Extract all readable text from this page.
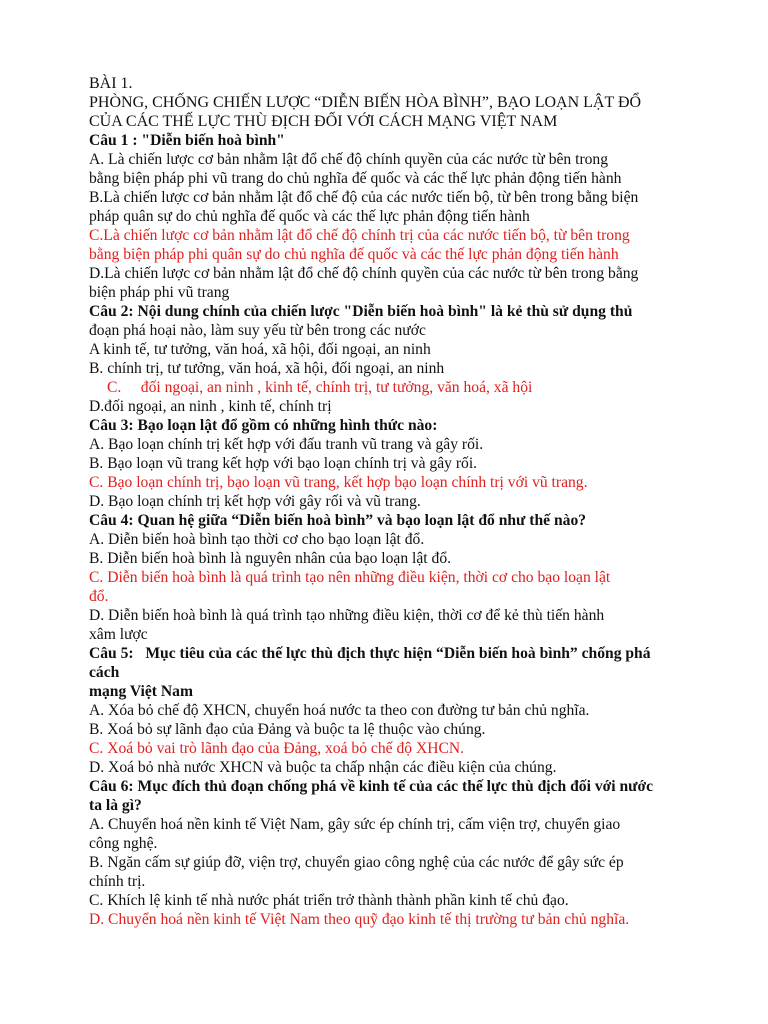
BÀI 1.

PHÒNG, CHỐNG CHIẾN LƯỢC “DIỄN BIẾN HÒA BÌNH”, BẠO LOẠN LẬT ĐỔ

CỦA CÁC THẾ LỰC THÙ ĐỊCH ĐỐI VỚI CÁCH MẠNG VIỆT NAM

Câu 1 : "Diễn biến hoà bình"

A. Là chiến lược cơ bản nhằm lật đổ chế độ chính quyền của các nước từ bên trong

bằng biện pháp phi vũ trang do chủ nghĩa đế quốc và các thế lực phản động tiến hành

B.Là chiến lược cơ bản nhằm lật đổ chế độ của các nước tiến bộ, từ bên trong bằng biện

pháp quân sự do chủ nghĩa đế quốc và các thế lực phản động tiến hành

C.Là chiến lược cơ bản nhằm lật đổ chế độ chính trị của các nước tiến bộ, từ bên trong

bằng biện pháp phi quân sự do chủ nghĩa đế quốc và các thế lực phản động tiến hành

D.Là chiến lược cơ bản nhằm lật đổ chế độ chính quyền của các nước từ bên trong bằng

biện pháp phi vũ trang

Câu 2: Nội dung chính của chiến lược "Diễn biến hoà bình" là kẻ thù sử dụng thủ

đoạn phá hoại nào, làm suy yếu từ bên trong các nước

A kinh tế, tư tưởng, văn hoá, xã hội, đối ngoại, an ninh

B. chính trị, tư tưởng, văn hoá, xã hội, đối ngoại, an ninh

C.     đối ngoại, an ninh , kinh tế, chính trị, tư tưởng, văn hoá, xã hội

D.đối ngoại, an ninh , kinh tế, chính trị

Câu 3: Bạo loạn lật đổ gồm có những hình thức nào:

A. Bạo loạn chính trị kết hợp với đấu tranh vũ trang và gây rối.

B. Bạo loạn vũ trang kết hợp với bạo loạn chính trị và gây rối.

C. Bạo loạn chính trị, bạo loạn vũ trang, kết hợp bạo loạn chính trị với vũ trang.

D. Bạo loạn chính trị kết hợp với gây rối và vũ trang.

Câu 4: Quan hệ giữa “Diễn biến hoà bình” và bạo loạn lật đổ như thế nào?

A. Diễn biến hoà bình tạo thời cơ cho bạo loạn lật đổ.

B. Diễn biến hoà bình là nguyên nhân của bạo loạn lật đổ.

C. Diễn biến hoà bình là quá trình tạo nên những điều kiện, thời cơ cho bạo loạn lật

đổ.

D. Diễn biến hoà bình là quá trình tạo những điều kiện, thời cơ để kẻ thù tiến hành

xâm lược

Câu 5:   Mục tiêu của các thế lực thù địch thực hiện “Diễn biến hoà bình” chống phá

cách

mạng Việt Nam

A. Xóa bỏ chế độ XHCN, chuyển hoá nước ta theo con đường tư bản chủ nghĩa.

B. Xoá bỏ sự lãnh đạo của Đảng và buộc ta lệ thuộc vào chúng.

C. Xoá bỏ vai trò lãnh đạo của Đảng, xoá bỏ chế độ XHCN.

D. Xoá bỏ nhà nước XHCN và buộc ta chấp nhận các điều kiện của chúng.

Câu 6: Mục đích thủ đoạn chống phá về kinh tế của các thế lực thù địch đối với nước

ta là gì?

A. Chuyển hoá nền kinh tế Việt Nam, gây sức ép chính trị, cấm viện trợ, chuyển giao

công nghệ.

B. Ngăn cấm sự giúp đỡ, viện trợ, chuyển giao công nghệ của các nước để gây sức ép

chính trị.

C. Khích lệ kinh tế nhà nước phát triển trở thành thành phần kinh tế chủ đạo.

D. Chuyển hoá nền kinh tế Việt Nam theo quỹ đạo kinh tế thị trường tư bản chủ nghĩa.
